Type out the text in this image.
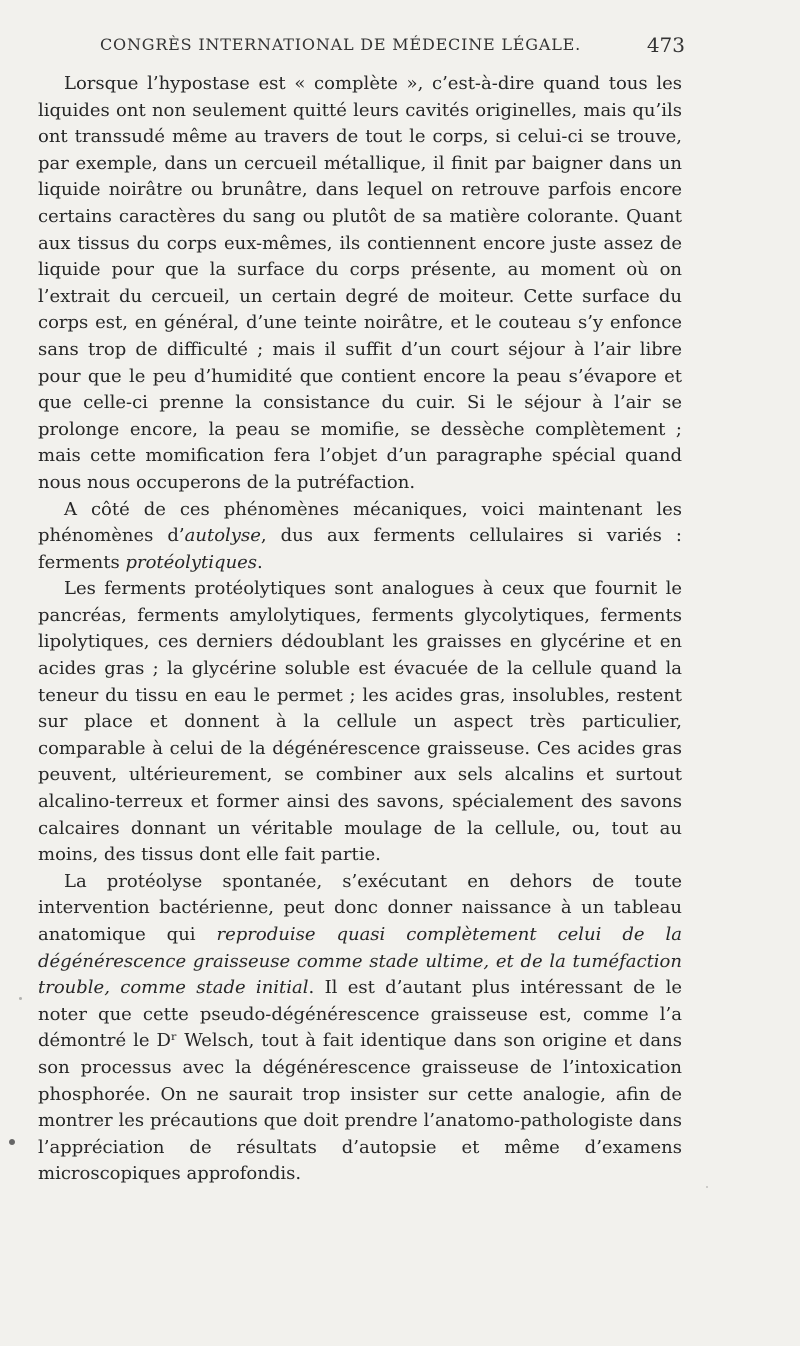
CONGRÈS INTERNATIONAL DE MÉDECINE LÉGALE.	473

Lorsque l’hypostase est « complète », c’est-à-dire quand tous les liquides ont non seulement quitté leurs cavités originelles, mais qu’ils ont transsudé même au travers de tout le corps, si celui-ci se trouve, par exemple, dans un cercueil métallique, il finit par baigner dans un liquide noirâtre ou brunâtre, dans lequel on retrouve parfois encore certains caractères du sang ou plutôt de sa matière colorante. Quant aux tissus du corps eux-mêmes, ils contiennent encore juste assez de liquide pour que la surface du corps présente, au moment où on l’extrait du cercueil, un certain degré de moiteur. Cette surface du corps est, en général, d’une teinte noirâtre, et le couteau s’y enfonce sans trop de difficulté ; mais il suffit d’un court séjour à l’air libre pour que le peu d’humidité que contient encore la peau s’évapore et que celle-ci prenne la consistance du cuir. Si le séjour à l’air se prolonge encore, la peau se momifie, se dessèche complètement ; mais cette momification fera l’objet d’un paragraphe spécial quand nous nous occuperons de la putréfaction.

A côté de ces phénomènes mécaniques, voici maintenant les phénomènes d’autolyse, dus aux ferments cellulaires si variés : ferments protéolytiques.

Les ferments protéolytiques sont analogues à ceux que fournit le pancréas, ferments amylolytiques, ferments glycolytiques, ferments lipolytiques, ces derniers dédoublant les graisses en glycérine et en acides gras ; la glycérine soluble est évacuée de la cellule quand la teneur du tissu en eau le permet ; les acides gras, insolubles, restent sur place et donnent à la cellule un aspect très particulier, comparable à celui de la dégénérescence graisseuse. Ces acides gras peuvent, ultérieurement, se combiner aux sels alcalins et surtout alcalino-terreux et former ainsi des savons, spécialement des savons calcaires donnant un véritable moulage de la cellule, ou, tout au moins, des tissus dont elle fait partie.

La protéolyse spontanée, s’exécutant en dehors de toute intervention bactérienne, peut donc donner naissance à un tableau anatomique qui reproduise quasi complètement celui de la dégénérescence graisseuse comme stade ultime, et de la tuméfaction trouble, comme stade initial. Il est d’autant plus intéressant de le noter que cette pseudo-dégénérescence graisseuse est, comme l’a démontré le Dʳ Welsch, tout à fait identique dans son origine et dans son processus avec la dégénérescence graisseuse de l’intoxication phosphorée. On ne saurait trop insister sur cette analogie, afin de montrer les précautions que doit prendre l’anatomo-pathologiste dans l’appréciation de résultats d’autopsie et même d’examens microscopiques approfondis.
